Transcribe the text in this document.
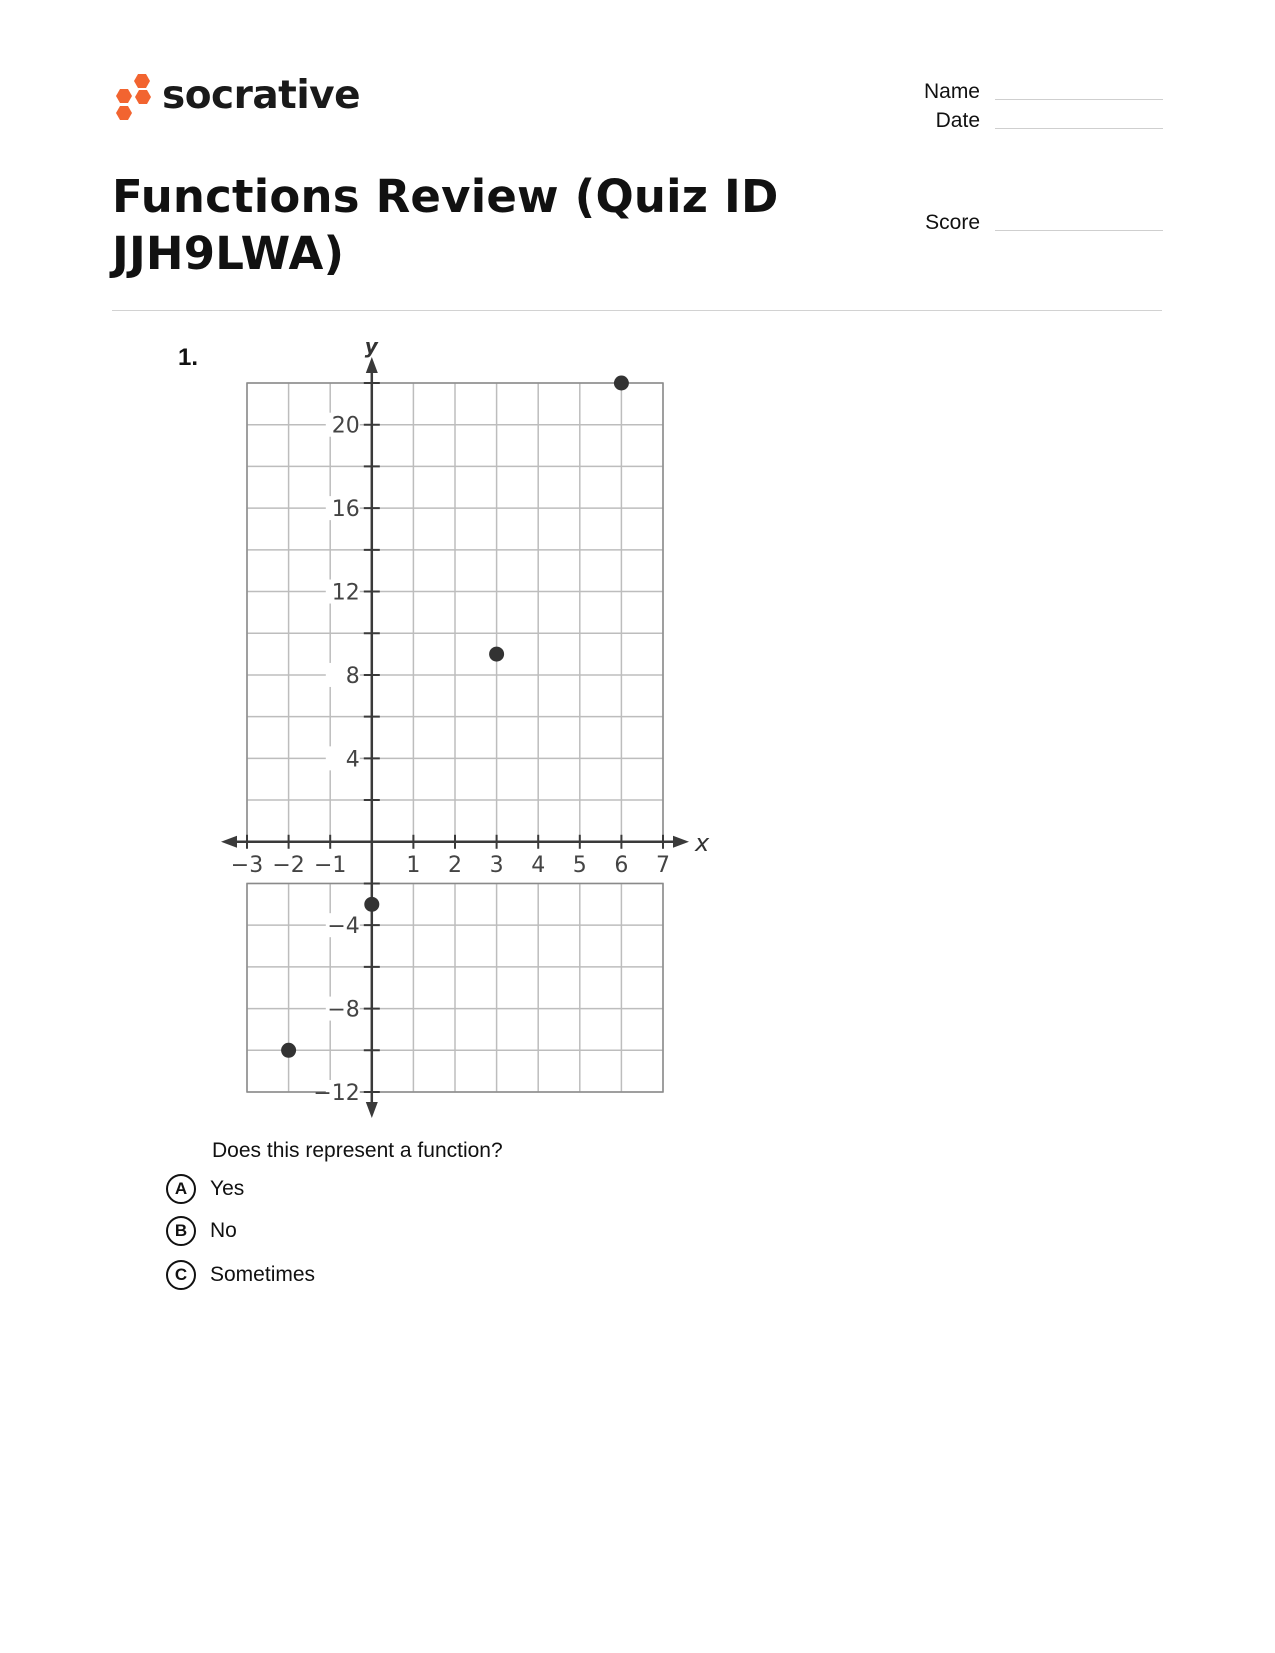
socrative	Name
Date
Score
Functions Review (Quiz ID JJH9LWA)
1.
x
y
−3 −2 −1	1 2 3 4 5 6 7
20
16
12
8
4
−4
−8
−12
Does this represent a function?
A	Yes
B	No
C	Sometimes
